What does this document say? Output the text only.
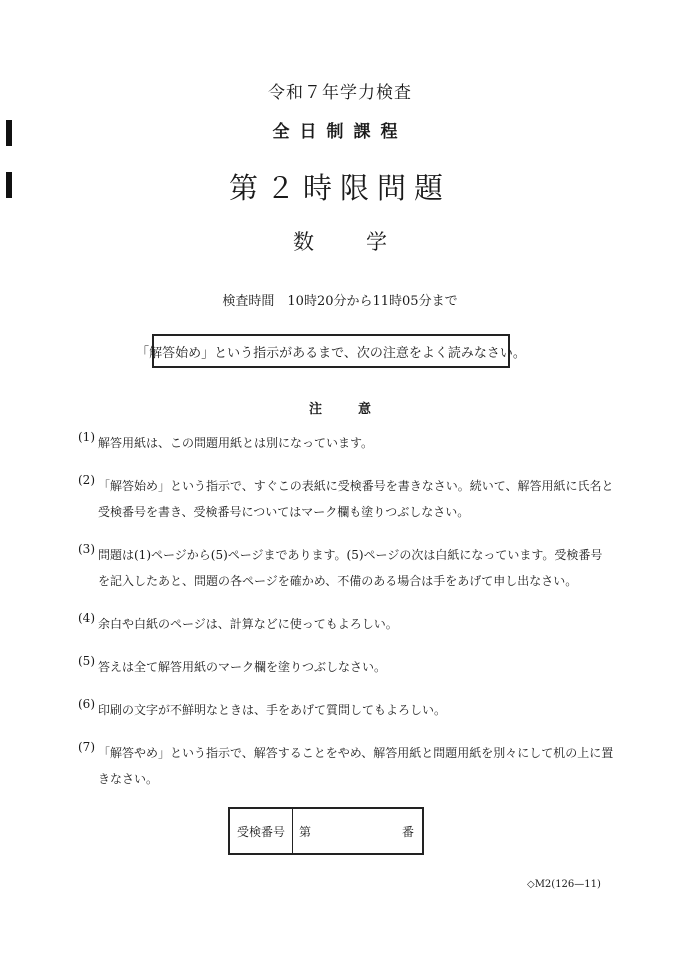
令和７年学力検査
全日制課程
第２時限問題
数学
検査時間　10時20分から11時05分まで
「解答始め」という指示があるまで、次の注意をよく読みなさい。
注意
(1) 解答用紙は、この問題用紙とは別になっています。
(2) 「解答始め」という指示で、すぐこの表紙に受検番号を書きなさい。続いて、解答用紙に氏名と
受検番号を書き、受検番号についてはマーク欄も塗りつぶしなさい。
(3) 問題は(1)ページから(5)ページまであります。(5)ページの次は白紙になっています。受検番号
を記入したあと、問題の各ページを確かめ、不備のある場合は手をあげて申し出なさい。
(4) 余白や白紙のページは、計算などに使ってもよろしい。
(5) 答えは全て解答用紙のマーク欄を塗りつぶしなさい。
(6) 印刷の文字が不鮮明なときは、手をあげて質問してもよろしい。
(7) 「解答やめ」という指示で、解答することをやめ、解答用紙と問題用紙を別々にして机の上に置
きなさい。
受検番号	第	番
◇M2(126—11)
